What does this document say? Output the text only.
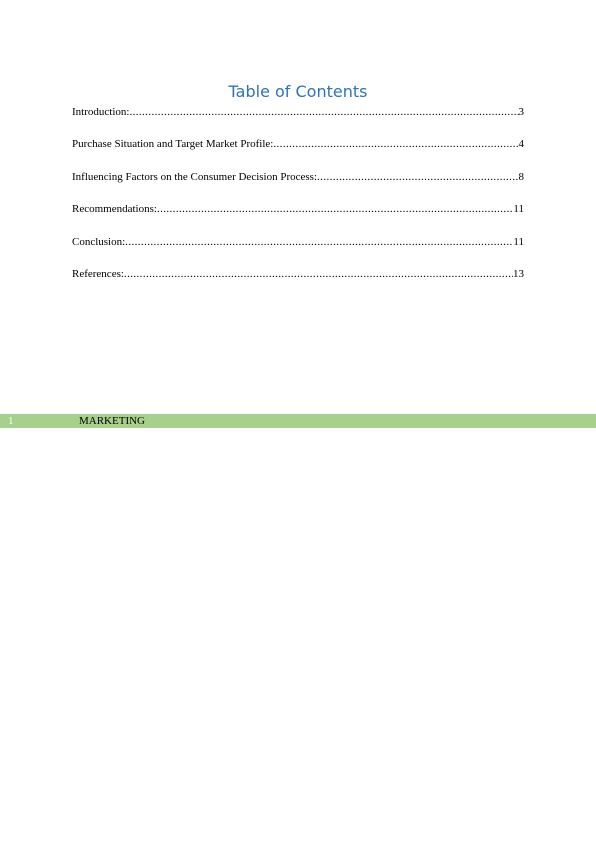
Table of Contents
Introduction: .....	3
Purchase Situation and Target Market Profile: .....	4
Influencing Factors on the Consumer Decision Process: .....	8
Recommendations: .....	11
Conclusion: .....	11
References: .....	13
1	MARKETING
